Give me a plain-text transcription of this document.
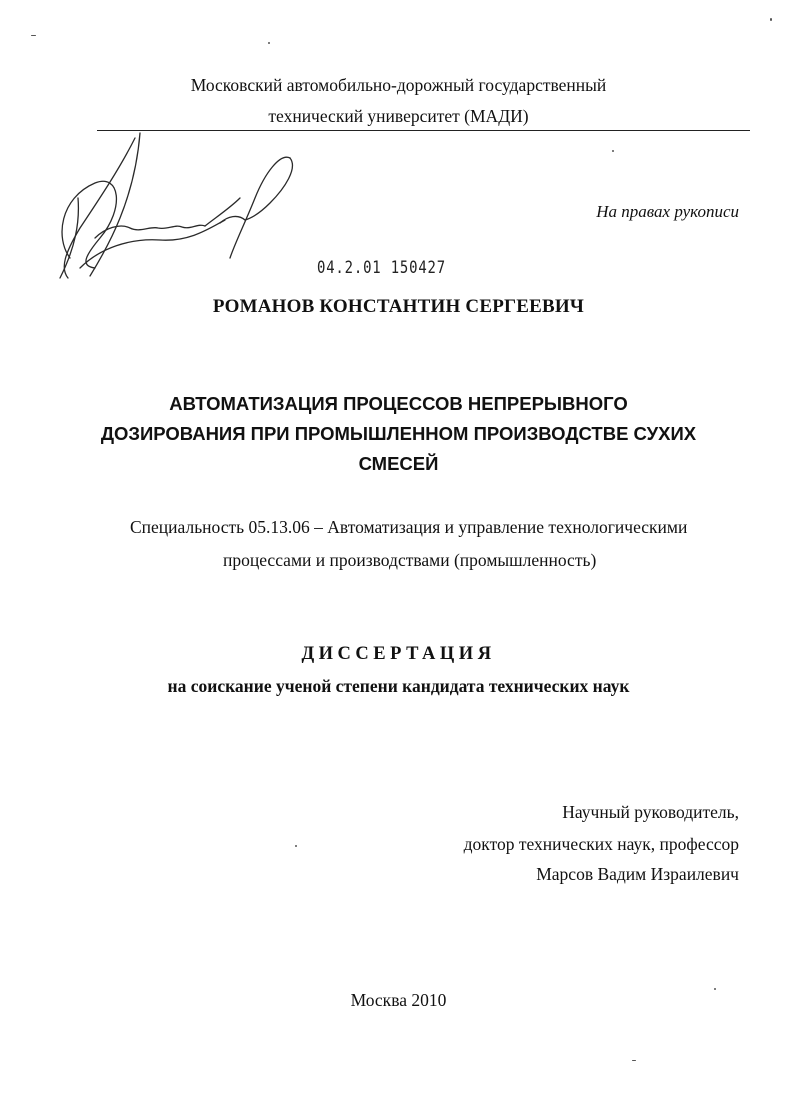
Московский автомобильно-дорожный государственный
технический университет (МАДИ)
На правах рукописи
04.2.01 150427
РОМАНОВ КОНСТАНТИН СЕРГЕЕВИЧ
АВТОМАТИЗАЦИЯ ПРОЦЕССОВ НЕПРЕРЫВНОГО
ДОЗИРОВАНИЯ ПРИ ПРОМЫШЛЕННОМ ПРОИЗВОДСТВЕ СУХИХ
СМЕСЕЙ
Специальность 05.13.06 – Автоматизация и управление технологическими
процессами и производствами (промышленность)
ДИССЕРТАЦИЯ
на соискание ученой степени кандидата технических наук
Научный руководитель,
доктор технических наук, профессор
Марсов Вадим Израилевич
Москва 2010
